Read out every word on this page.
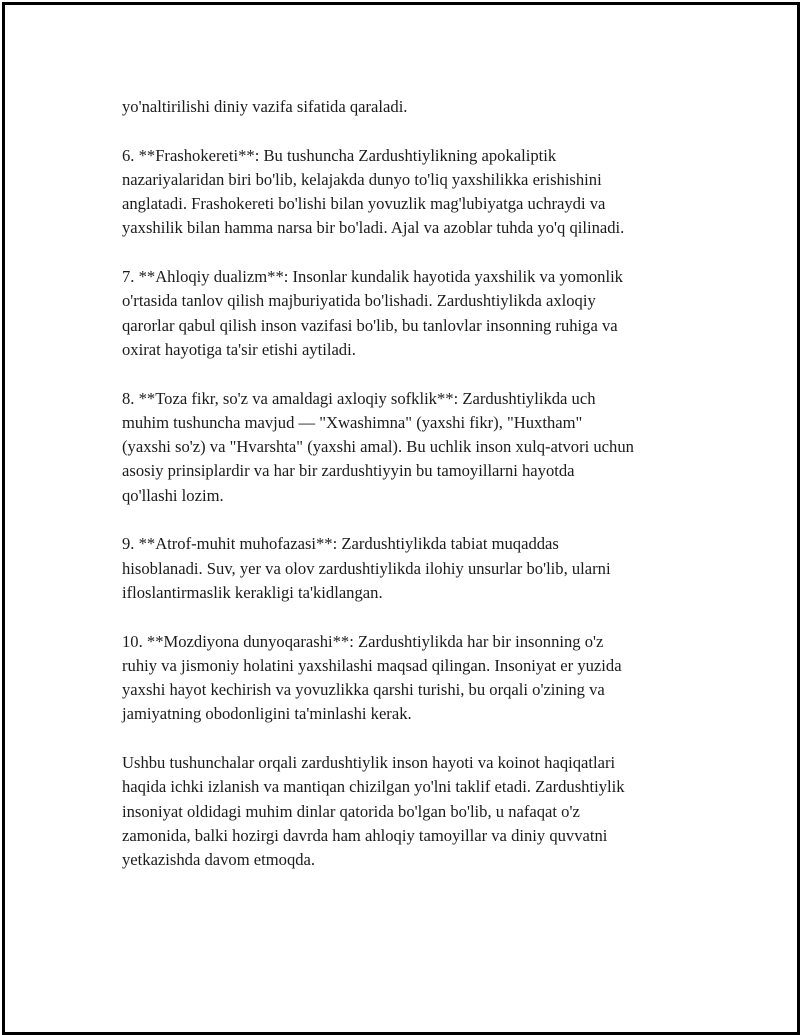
yo'naltirilishi diniy vazifa sifatida qaraladi.

6. **Frashokereti**: Bu tushuncha Zardushtiylikning apokaliptik
nazariyalaridan biri bo'lib, kelajakda dunyo to'liq yaxshilikka erishishini
anglatadi. Frashokereti bo'lishi bilan yovuzlik mag'lubiyatga uchraydi va
yaxshilik bilan hamma narsa bir bo'ladi. Ajal va azoblar tuhda yo'q qilinadi.

7. **Ahloqiy dualizm**: Insonlar kundalik hayotida yaxshilik va yomonlik
o'rtasida tanlov qilish majburiyatida bo'lishadi. Zardushtiylikda axloqiy
qarorlar qabul qilish inson vazifasi bo'lib, bu tanlovlar insonning ruhiga va
oxirat hayotiga ta'sir etishi aytiladi.

8. **Toza fikr, so'z va amaldagi axloqiy sofklik**: Zardushtiylikda uch
muhim tushuncha mavjud — "Xwashimna" (yaxshi fikr), "Huxtham"
(yaxshi so'z) va "Hvarshta" (yaxshi amal). Bu uchlik inson xulq-atvori uchun
asosiy prinsiplardir va har bir zardushtiyyin bu tamoyillarni hayotda
qo'llashi lozim.

9. **Atrof-muhit muhofazasi**: Zardushtiylikda tabiat muqaddas
hisoblanadi. Suv, yer va olov zardushtiylikda ilohiy unsurlar bo'lib, ularni
ifloslantirmaslik kerakligi ta'kidlangan.

10. **Mozdiyona dunyoqarashi**: Zardushtiylikda har bir insonning o'z
ruhiy va jismoniy holatini yaxshilashi maqsad qilingan. Insoniyat er yuzida
yaxshi hayot kechirish va yovuzlikka qarshi turishi, bu orqali o'zining va
jamiyatning obodonligini ta'minlashi kerak.

Ushbu tushunchalar orqali zardushtiylik inson hayoti va koinot haqiqatlari
haqida ichki izlanish va mantiqan chizilgan yo'lni taklif etadi. Zardushtiylik
insoniyat oldidagi muhim dinlar qatorida bo'lgan bo'lib, u nafaqat o'z
zamonida, balki hozirgi davrda ham ahloqiy tamoyillar va diniy quvvatni
yetkazishda davom etmoqda.
